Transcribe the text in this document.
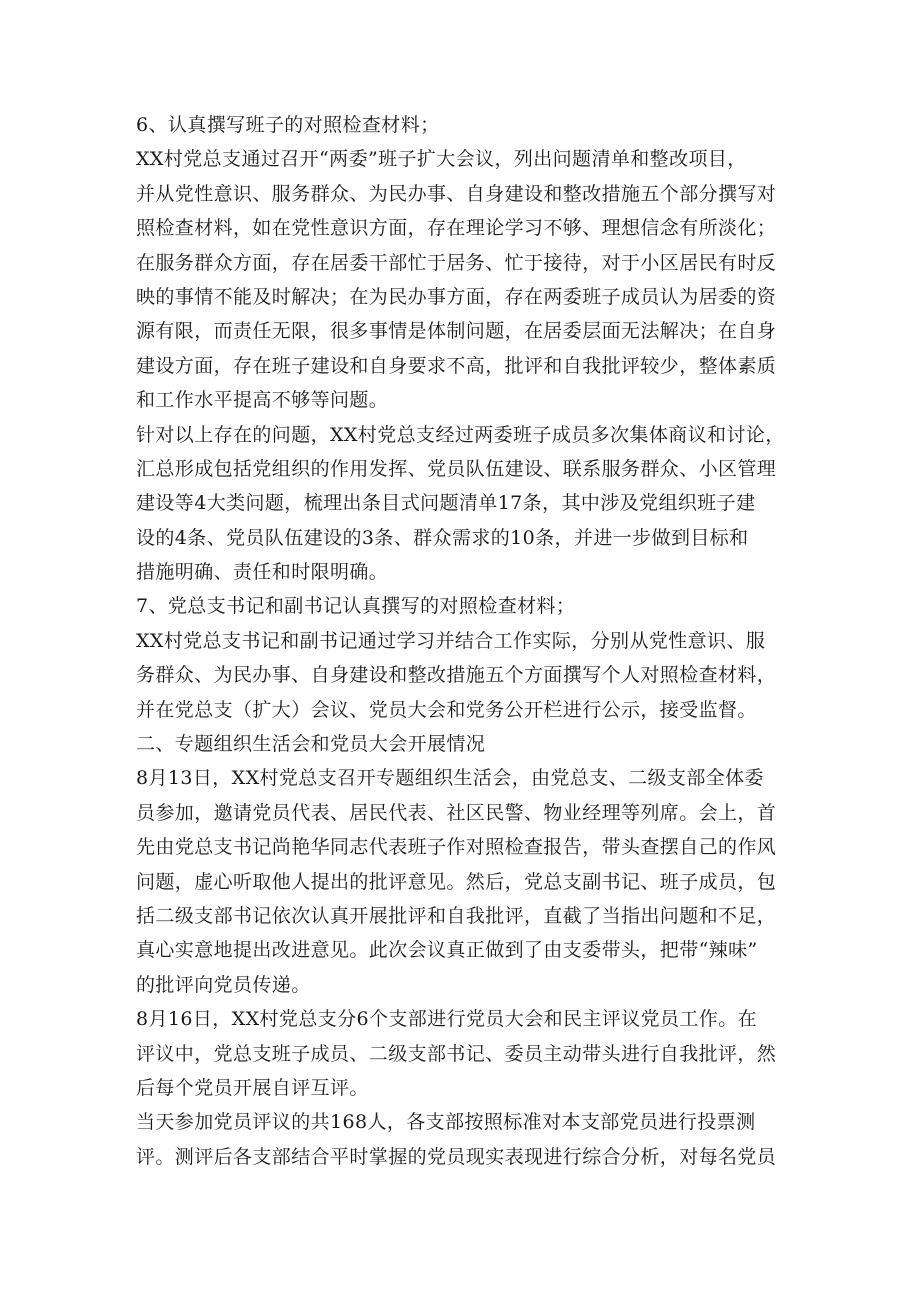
6、认真撰写班子的对照检查材料；
XX村党总支通过召开“两委”班子扩大会议，列出问题清单和整改项目，
并从党性意识、服务群众、为民办事、自身建设和整改措施五个部分撰写对
照检查材料，如在党性意识方面，存在理论学习不够、理想信念有所淡化；
在服务群众方面，存在居委干部忙于居务、忙于接待，对于小区居民有时反
映的事情不能及时解决；在为民办事方面，存在两委班子成员认为居委的资
源有限，而责任无限，很多事情是体制问题，在居委层面无法解决；在自身
建设方面，存在班子建设和自身要求不高，批评和自我批评较少，整体素质
和工作水平提高不够等问题。
针对以上存在的问题，XX村党总支经过两委班子成员多次集体商议和讨论，
汇总形成包括党组织的作用发挥、党员队伍建设、联系服务群众、小区管理
建设等4大类问题，梳理出条目式问题清单17条，其中涉及党组织班子建
设的4条、党员队伍建设的3条、群众需求的10条，并进一步做到目标和
措施明确、责任和时限明确。
7、党总支书记和副书记认真撰写的对照检查材料；
XX村党总支书记和副书记通过学习并结合工作实际，分别从党性意识、服
务群众、为民办事、自身建设和整改措施五个方面撰写个人对照检查材料，
并在党总支（扩大）会议、党员大会和党务公开栏进行公示，接受监督。
二、专题组织生活会和党员大会开展情况
8月13日，XX村党总支召开专题组织生活会，由党总支、二级支部全体委
员参加，邀请党员代表、居民代表、社区民警、物业经理等列席。会上，首
先由党总支书记尚艳华同志代表班子作对照检查报告，带头查摆自己的作风
问题，虚心听取他人提出的批评意见。然后，党总支副书记、班子成员，包
括二级支部书记依次认真开展批评和自我批评，直截了当指出问题和不足，
真心实意地提出改进意见。此次会议真正做到了由支委带头，把带“辣味”
的批评向党员传递。
8月16日，XX村党总支分6个支部进行党员大会和民主评议党员工作。在
评议中，党总支班子成员、二级支部书记、委员主动带头进行自我批评，然
后每个党员开展自评互评。
当天参加党员评议的共168人，各支部按照标准对本支部党员进行投票测
评。测评后各支部结合平时掌握的党员现实表现进行综合分析，对每名党员
